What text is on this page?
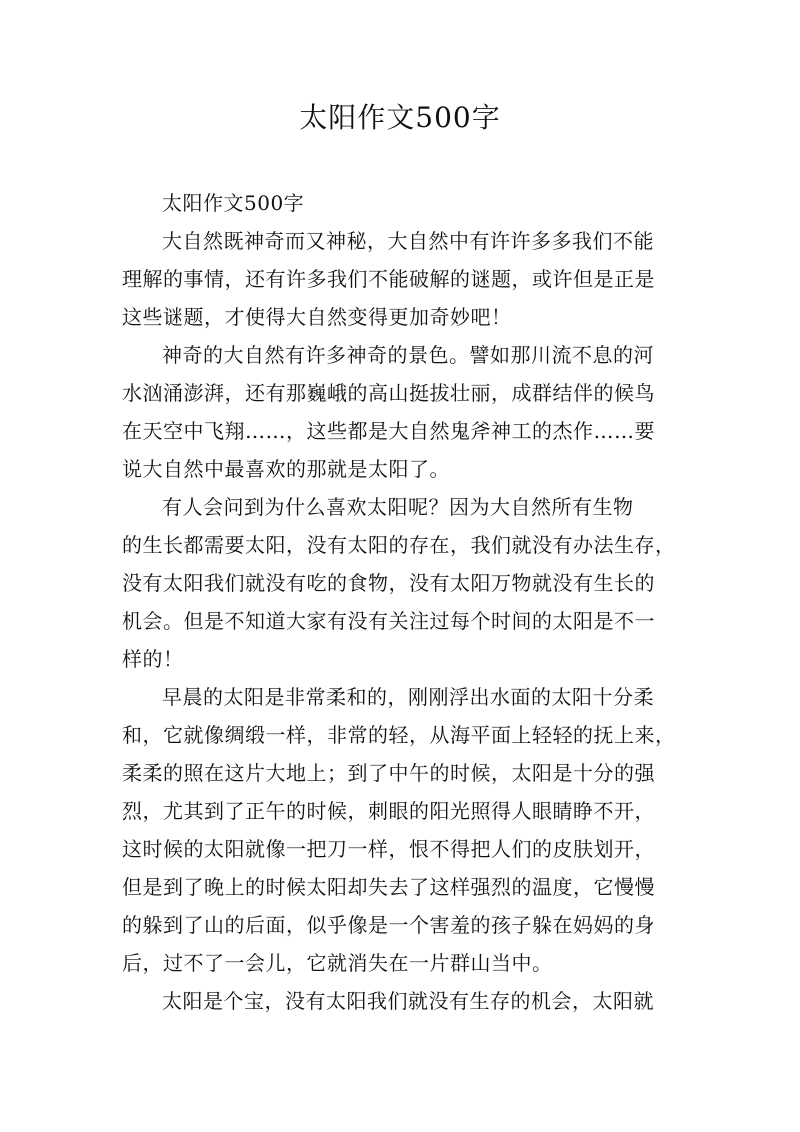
太阳作文500字
太阳作文500字
大自然既神奇而又神秘，大自然中有许许多多我们不能
理解的事情，还有许多我们不能破解的谜题，或许但是正是
这些谜题，才使得大自然变得更加奇妙吧！
神奇的大自然有许多神奇的景色。譬如那川流不息的河
水汹涌澎湃，还有那巍峨的高山挺拔壮丽，成群结伴的候鸟
在天空中飞翔……，这些都是大自然鬼斧神工的杰作……要
说大自然中最喜欢的那就是太阳了。
有人会问到为什么喜欢太阳呢？因为大自然所有生物
的生长都需要太阳，没有太阳的存在，我们就没有办法生存，
没有太阳我们就没有吃的食物，没有太阳万物就没有生长的
机会。但是不知道大家有没有关注过每个时间的太阳是不一
样的！
早晨的太阳是非常柔和的，刚刚浮出水面的太阳十分柔
和，它就像绸缎一样，非常的轻，从海平面上轻轻的抚上来，
柔柔的照在这片大地上；到了中午的时候，太阳是十分的强
烈，尤其到了正午的时候，刺眼的阳光照得人眼睛睁不开，
这时候的太阳就像一把刀一样，恨不得把人们的皮肤划开，
但是到了晚上的时候太阳却失去了这样强烈的温度，它慢慢
的躲到了山的后面，似乎像是一个害羞的孩子躲在妈妈的身
后，过不了一会儿，它就消失在一片群山当中。
太阳是个宝，没有太阳我们就没有生存的机会，太阳就
